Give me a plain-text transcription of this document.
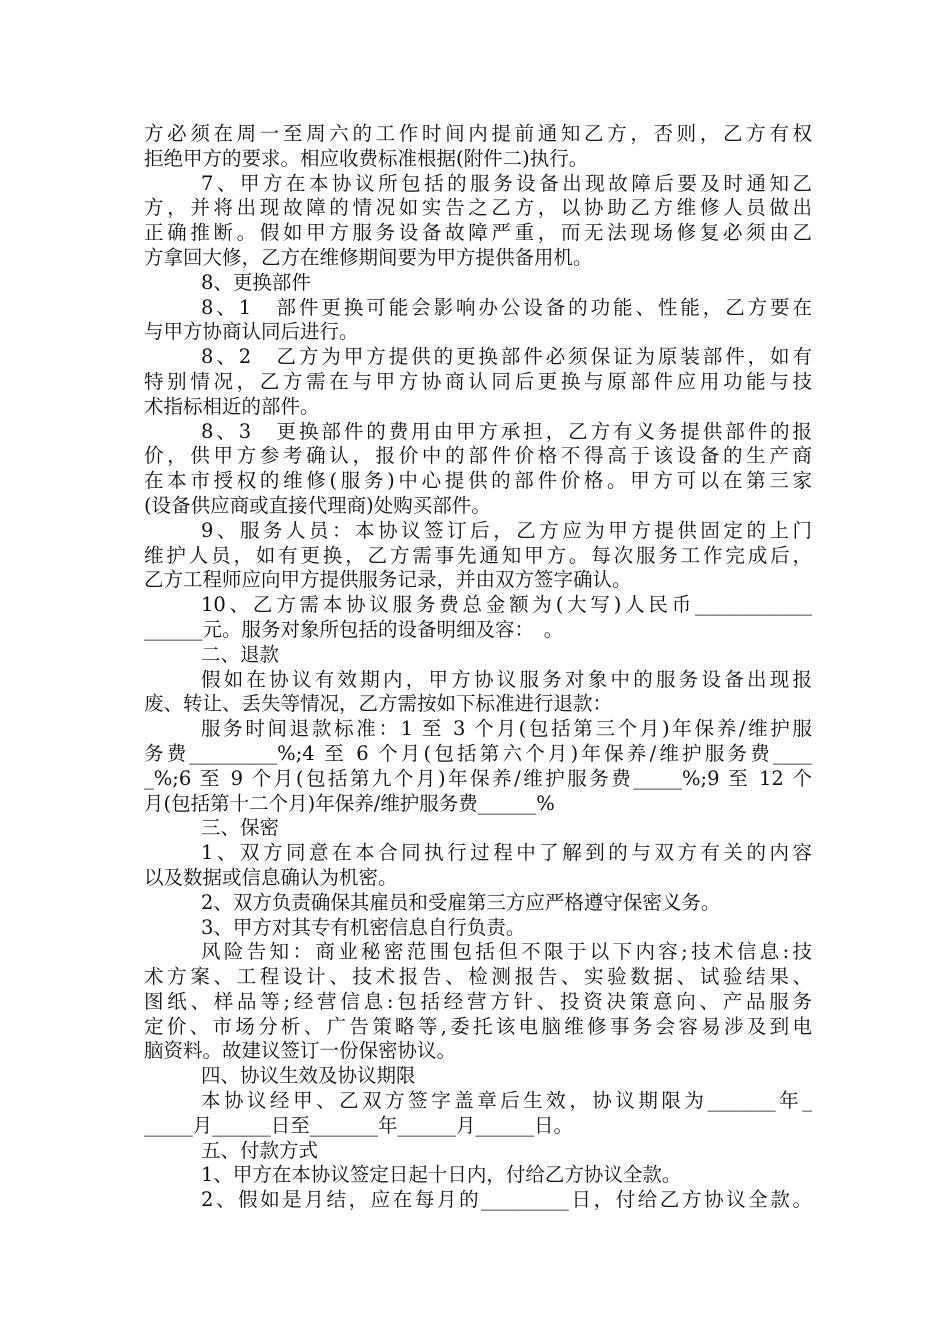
方必须在周一至周六的工作时间内提前通知乙方，否则，乙方有权
拒绝甲方的要求。相应收费标准根据(附件二)执行。
7、甲方在本协议所包括的服务设备出现故障后要及时通知乙
方，并将出现故障的情况如实告之乙方，以协助乙方维修人员做出
正确推断。假如甲方服务设备故障严重，而无法现场修复必须由乙
方拿回大修，乙方在维修期间要为甲方提供备用机。
8、更换部件
8、1　部件更换可能会影响办公设备的功能、性能，乙方要在
与甲方协商认同后进行。
8、2　乙方为甲方提供的更换部件必须保证为原装部件，如有
特别情况，乙方需在与甲方协商认同后更换与原部件应用功能与技
术指标相近的部件。
8、3　更换部件的费用由甲方承担，乙方有义务提供部件的报
价，供甲方参考确认，报价中的部件价格不得高于该设备的生产商
在本市授权的维修(服务)中心提供的部件价格。甲方可以在第三家
(设备供应商或直接代理商)处购买部件。
9、服务人员：本协议签订后，乙方应为甲方提供固定的上门
维护人员，如有更换，乙方需事先通知甲方。每次服务工作完成后，
乙方工程师应向甲方提供服务记录，并由双方签字确认。
10、乙方需本协议服务费总金额为(大写)人民币____________
______元。服务对象所包括的设备明细及容：　。
二、退款
假如在协议有效期内，甲方协议服务对象中的服务设备出现报
废、转让、丢失等情况，乙方需按如下标准进行退款：
服务时间退款标准：1 至 3 个月(包括第三个月)年保养/维护服
务费_________%;4 至 6 个月(包括第六个月)年保养/维护服务费____
_%;6 至 9 个月(包括第九个月)年保养/维护服务费_____%;9 至 12 个
月(包括第十二个月)年保养/维护服务费______%
三、保密
1、双方同意在本合同执行过程中了解到的与双方有关的内容
以及数据或信息确认为机密。
2、双方负责确保其雇员和受雇第三方应严格遵守保密义务。
3、甲方对其专有机密信息自行负责。
风险告知：商业秘密范围包括但不限于以下内容;技术信息:技
术方案、工程设计、技术报告、检测报告、实验数据、试验结果、
图纸、样品等;经营信息:包括经营方针、投资决策意向、产品服务
定价、市场分析、广告策略等,委托该电脑维修事务会容易涉及到电
脑资料。故建议签订一份保密协议。
四、协议生效及协议期限
本协议经甲、乙双方签字盖章后生效，协议期限为_______年_
_____月______日至_______年______月______日。
五、付款方式
1、甲方在本协议签定日起十日内，付给乙方协议全款。
2、假如是月结，应在每月的_________日，付给乙方协议全款。
